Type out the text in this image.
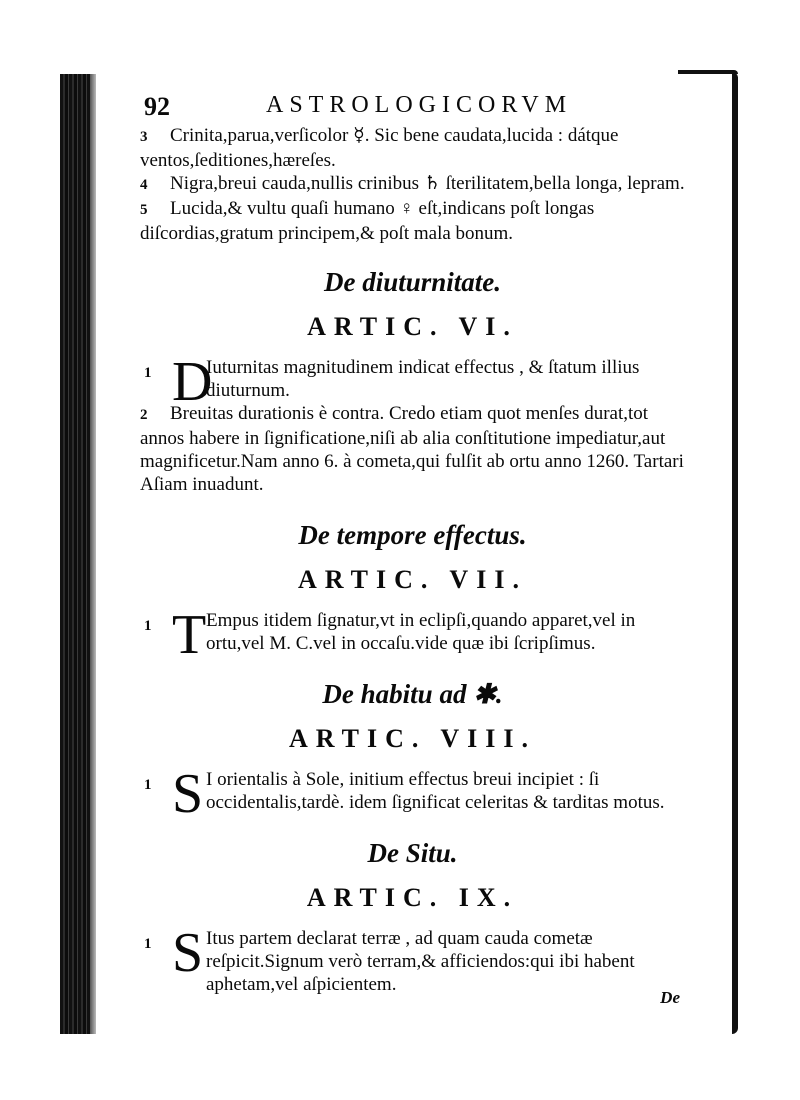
92	ASTROLOGICORVM

3 Crinita,parua,verſicolor ☿. Sic bene caudata,lucida : dátque ventos,ſeditiones,hæreſes.

4 Nigra,breui cauda,nullis crinibus ♄ ſterilitatem,bella longa, lepram.

5 Lucida,& vultu quaſi humano ♀ eſt,indicans poſt longas diſcordias,gratum principem,& poſt mala bonum.

De diuturnitate.

ARTIC. VI.

1 D
Iuturnitas magnitudinem indicat effectus , & ſtatum illius diuturnum.

2 Breuitas durationis è contra. Credo etiam quot menſes durat,tot annos habere in ſignificatione,niſi ab alia conſtitutione impediatur,aut magnificetur.Nam anno 6. à cometa,qui fulſit ab ortu anno 1260. Tartari Aſiam inuadunt.

De tempore effectus.

ARTIC. VII.

1 T Empus itidem ſignatur,vt in eclipſi,quando apparet,vel in ortu,vel M. C.vel in occaſu.vide quæ ibi ſcripſimus.

De habitu ad ✱.

ARTIC. VIII.

1 S I orientalis à Sole, initium effectus breui incipiet : ſi occidentalis,tardè. idem ſignificat celeritas & tarditas motus.

De Situ.

ARTIC. IX.

1 S Itus partem declarat terræ , ad quam cauda cometæ reſpicit.Signum verò terram,& afficiendos:qui ibi habent aphetam,vel aſpicientem.
De
